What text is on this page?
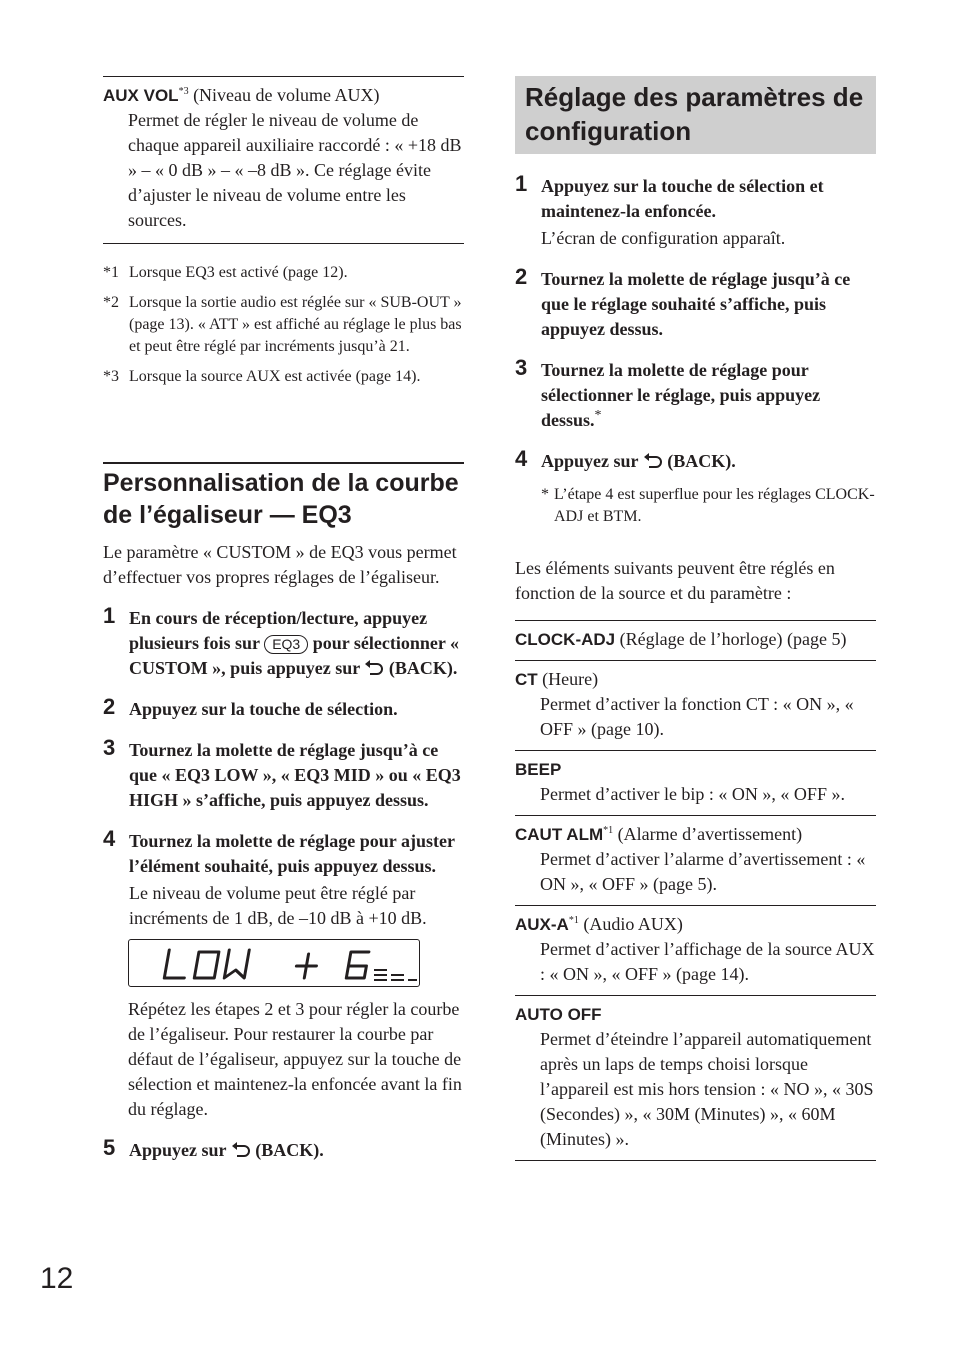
AUX VOL$^{*3}$ (Niveau de volume AUX)
Permet de régler le niveau de volume de chaque appareil auxiliaire raccordé : « +18 dB » – « 0 dB » – « –8 dB ». Ce réglage évite d’ajuster le niveau de volume entre les sources.
*1 Lorsque EQ3 est activé (page 12).
*2 Lorsque la sortie audio est réglée sur « SUB-OUT » (page 13). « ATT » est affiché au réglage le plus bas et peut être réglé par incréments jusqu’à 21.
*3 Lorsque la source AUX est activée (page 14).
Personnalisation de la courbe de l’égaliseur — EQ3
Le paramètre « CUSTOM » de EQ3 vous permet d’effectuer vos propres réglages de l’égaliseur.
1 En cours de réception/lecture, appuyez plusieurs fois sur EQ3 pour sélectionner « CUSTOM », puis appuyez sur (BACK).
2 Appuyez sur la touche de sélection.
3 Tournez la molette de réglage jusqu’à ce que « EQ3 LOW », « EQ3 MID » ou « EQ3 HIGH » s’affiche, puis appuyez dessus.
4 Tournez la molette de réglage pour ajuster l’élément souhaité, puis appuyez dessus.
Le niveau de volume peut être réglé par incréments de 1 dB, de –10 dB à +10 dB.
Répétez les étapes 2 et 3 pour régler la courbe de l’égaliseur. Pour restaurer la courbe par défaut de l’égaliseur, appuyez sur la touche de sélection et maintenez-la enfoncée avant la fin du réglage.
5 Appuyez sur (BACK).
Réglage des paramètres de configuration
1 Appuyez sur la touche de sélection et maintenez-la enfoncée.
L’écran de configuration apparaît.
2 Tournez la molette de réglage jusqu’à ce que le réglage souhaité s’affiche, puis appuyez dessus.
3 Tournez la molette de réglage pour sélectionner le réglage, puis appuyez dessus.*
4 Appuyez sur (BACK).
* L’étape 4 est superflue pour les réglages CLOCK-ADJ et BTM.
Les éléments suivants peuvent être réglés en fonction de la source et du paramètre :
CLOCK-ADJ (Réglage de l’horloge) (page 5)
CT (Heure)
Permet d’activer la fonction CT : « ON », « OFF » (page 10).
BEEP
Permet d’activer le bip : « ON », « OFF ».
CAUT ALM$^{*1}$ (Alarme d’avertissement)
Permet d’activer l’alarme d’avertissement : « ON », « OFF » (page 5).
AUX-$A^{*1}$ (Audio AUX)
Permet d’activer l’affichage de la source AUX : « ON », « OFF » (page 14).
AUTO OFF
Permet d’éteindre l’appareil automatiquement après un laps de temps choisi lorsque l’appareil est mis hors tension : « NO », « 30S (Secondes) », « 30M (Minutes) », « 60M (Minutes) ».
12
